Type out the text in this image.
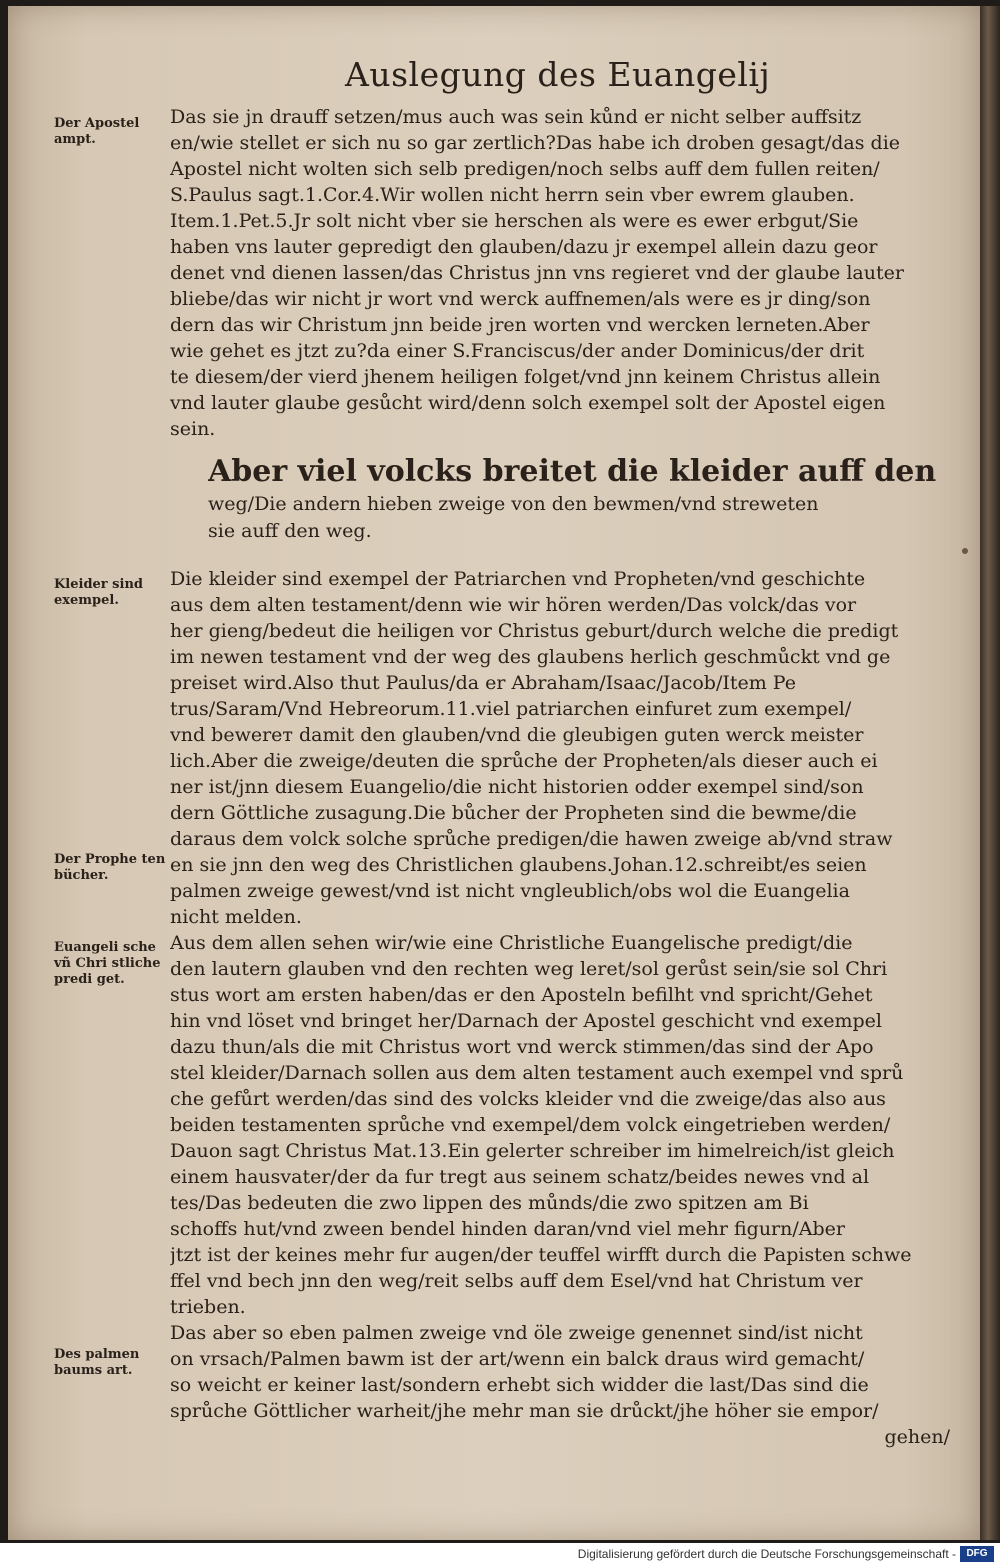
Auslegung des Euangelij
Der Apostel ampt.
Kleider sind exempel.
Der Prophe ten bücher.
Euangeli sche vñ Chri stliche predi get.
Des palmen baums art.
Das sie jn drauff setzen/mus auch was sein kůnd er nicht selber auffsitz
en/wie stellet er sich nu so gar zertlich?Das habe ich droben gesagt/das die
Apostel nicht wolten sich selb predigen/noch selbs auff dem fullen reiten/
S.Paulus sagt.1.Cor.4.Wir wollen nicht herrn sein vber ewrem glauben.
Item.1.Pet.5.Jr solt nicht vber sie herschen als were es ewer erbgut/Sie
haben vns lauter gepredigt den glauben/dazu jr exempel allein dazu geor
denet vnd dienen lassen/das Christus jnn vns regieret vnd der glaube lauter
bliebe/das wir nicht jr wort vnd werck auffnemen/als were es jr ding/son
dern das wir Christum jnn beide jren worten vnd wercken lerneten.Aber
wie gehet es jtzt zu?da einer S.Franciscus/der ander Dominicus/der drit
te diesem/der vierd jhenem heiligen folget/vnd jnn keinem Christus allein
vnd lauter glaube gesůcht wird/denn solch exempel solt der Apostel eigen
sein.
Aber viel volcks breitet die kleider auff den
weg/Die andern hieben zweige von den bewmen/vnd streweten
sie auff den weg.
Die kleider sind exempel der Patriarchen vnd Propheten/vnd geschichte
aus dem alten testament/denn wie wir hören werden/Das volck/das vor
her gieng/bedeut die heiligen vor Christus geburt/durch welche die predigt
im newen testament vnd der weg des glaubens herlich geschmůckt vnd ge
preiset wird.Also thut Paulus/da er Abraham/Isaac/Jacob/Item Pe
trus/Saram/Vnd Hebreorum.11.viel patriarchen einfuret zum exempel/
vnd bewerет damit den glauben/vnd die gleubigen guten werck meister
lich.Aber die zweige/deuten die sprůche der Propheten/als dieser auch ei
ner ist/jnn diesem Euangelio/die nicht historien odder exempel sind/son
dern Göttliche zusagung.Die bůcher der Propheten sind die bewme/die
daraus dem volck solche sprůche predigen/die hawen zweige ab/vnd straw
en sie jnn den weg des Christlichen glaubens.Johan.12.schreibt/es seien
palmen zweige gewest/vnd ist nicht vngleublich/obs wol die Euangelia
nicht melden.
Aus dem allen sehen wir/wie eine Christliche Euangelische predigt/die
den lautern glauben vnd den rechten weg leret/sol gerůst sein/sie sol Chri
stus wort am ersten haben/das er den Aposteln befilht vnd spricht/Gehet
hin vnd löset vnd bringet her/Darnach der Apostel geschicht vnd exempel
dazu thun/als die mit Christus wort vnd werck stimmen/das sind der Apo
stel kleider/Darnach sollen aus dem alten testament auch exempel vnd sprů
che gefůrt werden/das sind des volcks kleider vnd die zweige/das also aus
beiden testamenten sprůche vnd exempel/dem volck eingetrieben werden/
Dauon sagt Christus Mat.13.Ein gelerter schreiber im himelreich/ist gleich
einem hausvater/der da fur tregt aus seinem schatz/beides newes vnd al
tes/Das bedeuten die zwo lippen des můnds/die zwo spitzen am Bi
schoffs hut/vnd zween bendel hinden daran/vnd viel mehr figurn/Aber
jtzt ist der keines mehr fur augen/der teuffel wirfft durch die Papisten schwe
ffel vnd bech jnn den weg/reit selbs auff dem Esel/vnd hat Christum ver
trieben.
Das aber so eben palmen zweige vnd öle zweige genennet sind/ist nicht
on vrsach/Palmen bawm ist der art/wenn ein balck draus wird gemacht/
so weicht er keiner last/sondern erhebt sich widder die last/Das sind die
sprůche Göttlicher warheit/jhe mehr man sie drůckt/jhe höher sie empor/
gehen/
Digitalisierung gefördert durch die Deutsche Forschungsgemeinschaft -	DFG
